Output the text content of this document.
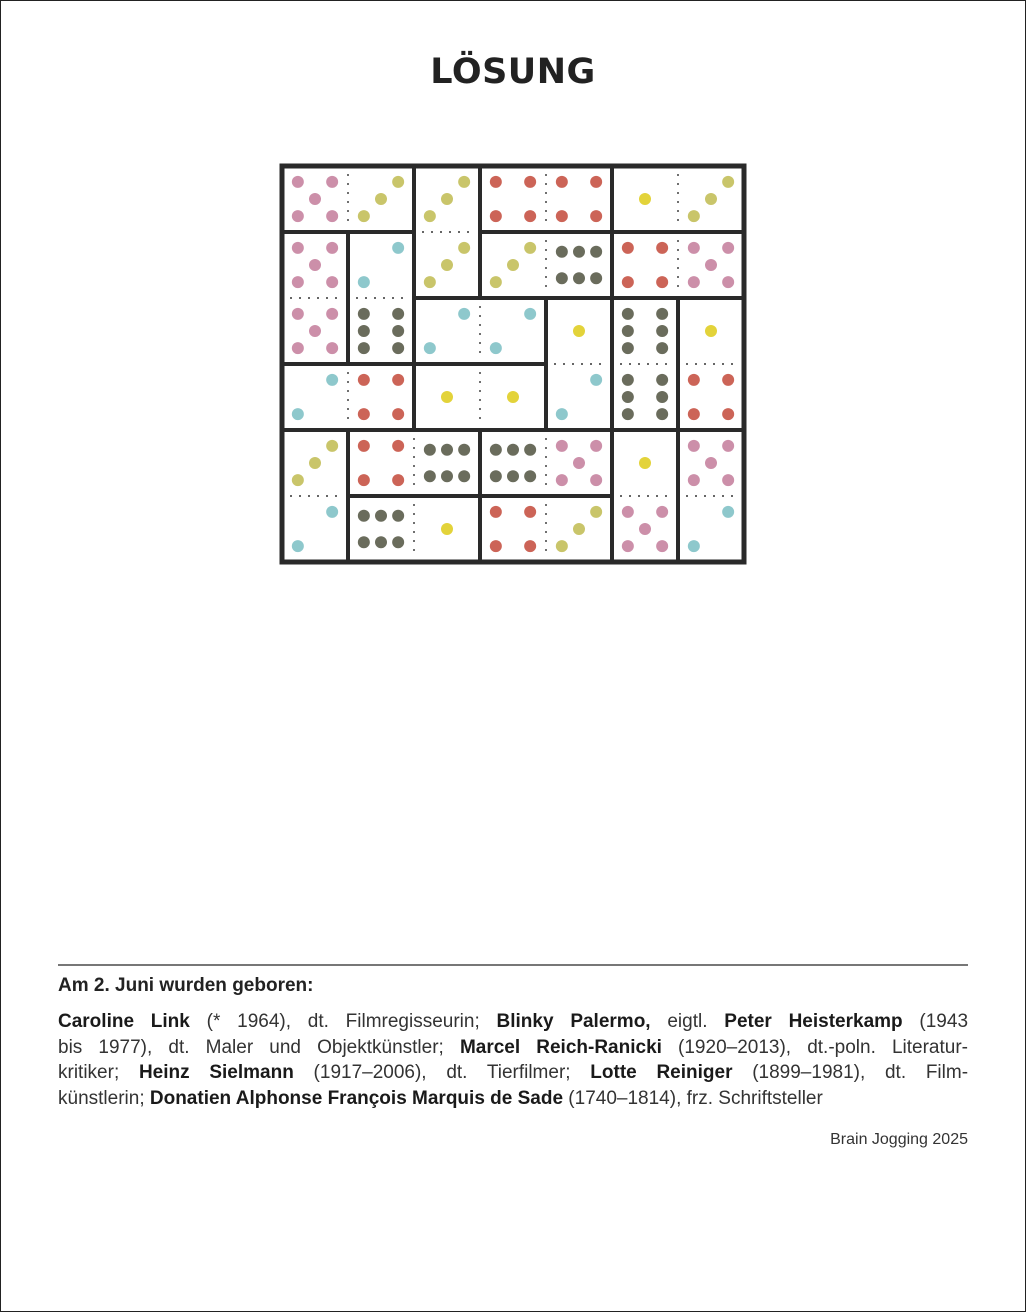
LÖSUNG
Am 2. Juni wurden geboren:
Caroline Link (* 1964), dt. Filmregisseurin; Blinky Palermo, eigtl. Peter Heisterkamp (1943
bis 1977), dt. Maler und Objektkünstler; Marcel Reich-Ranicki (1920–2013), dt.-poln. Literatur-
kritiker; Heinz Sielmann (1917–2006), dt. Tierfilmer; Lotte Reiniger (1899–1981), dt. Film-
künstlerin; Donatien Alphonse François Marquis de Sade (1740–1814), frz. Schriftsteller
Brain Jogging 2025
